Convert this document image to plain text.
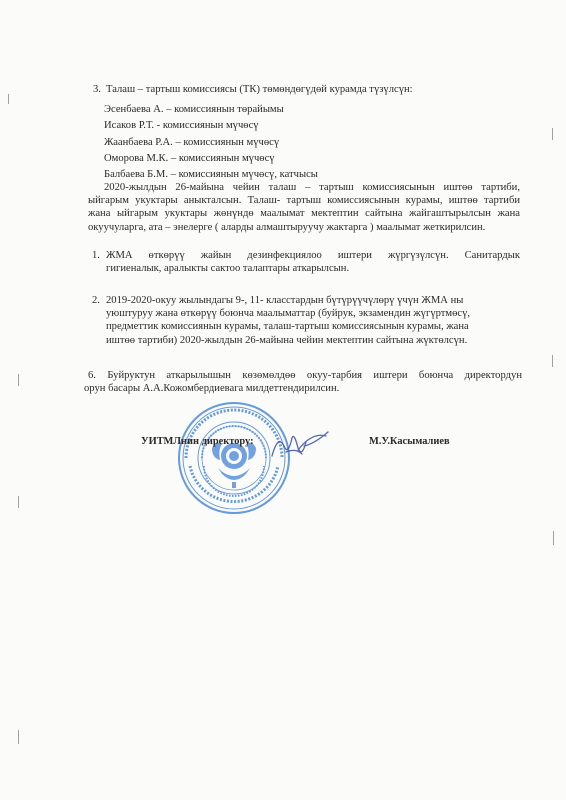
3. Талаш – тартыш комиссиясы (ТК) төмөндөгүдөй курамда түзүлсүн:
Эсенбаева А. – комиссиянын төрайымы
Исаков Р.Т. - комиссиянын мүчөсү
Жаанбаева Р.А. – комиссиянын мүчөсү
Оморова М.К. – комиссиянын мүчөсү
Балбаева Б.М. – комиссиянын мүчөсү, катчысы
2020-жылдын 26-майына чейин талаш – тартыш комиссиясынын иштөө тартиби,
ыйгарым укуктары аныкталсын. Талаш- тартыш комиссиясынын курамы, иштөө тартиби
жана ыйгарым укуктары жөнүндө маалымат мектептин сайтына жайгаштырылсын жана
окуучуларга, ата – энелерге ( аларды алмаштыруучу жактарга ) маалымат жеткирилсин.
1. ЖМА өткөрүү жайын дезинфекциялоо иштери жүргүзүлсүн. Санитардык
гигиеналык, аралыкты сактоо талаптары аткарылсын.
2. 2019-2020-окуу жылындагы 9-, 11- класстардын бүтүрүүчүлөрү үчүн ЖМА ны
уюштуруу жана өткөрүү боюнча маалыматтар (буйрук, экзамендин жүгүртмөсү,
предметтик комиссиянын курамы, талаш-тартыш комиссиясынын курамы, жана
иштөө тартиби) 2020-жылдын 26-майына чейин мектептин сайтына жүктөлсүн.
6. Буйруктун аткарылышын көзөмөлдөө окуу-тарбия иштери боюнча директордун
орун басары А.А.Кожомбердиевага милдеттендирилсин.
УИТМЛнин директору:	М.У.Касымалиев
